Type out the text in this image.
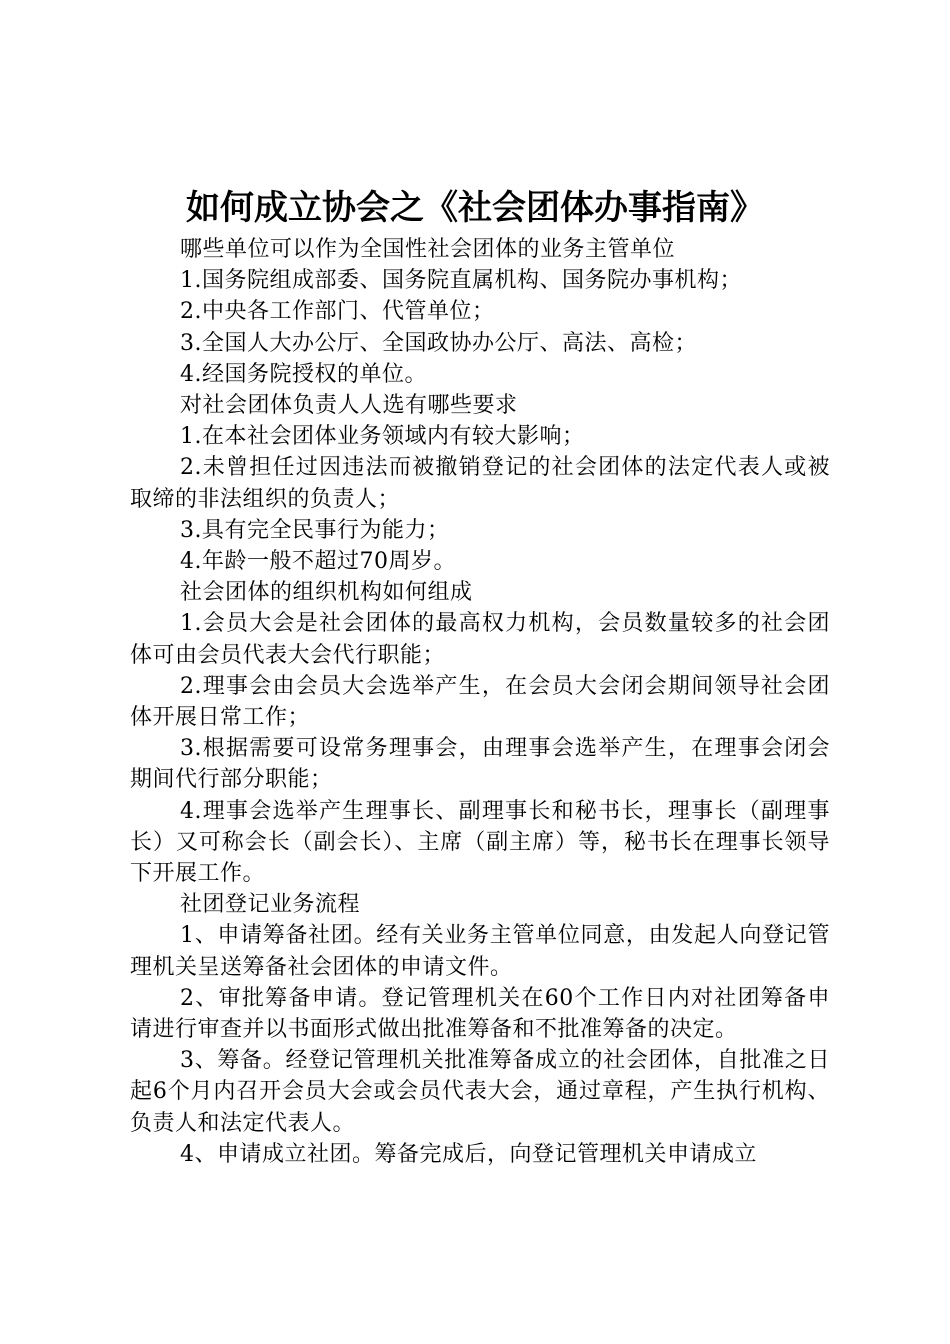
如何成立协会之《社会团体办事指南》

哪些单位可以作为全国性社会团体的业务主管单位

1.国务院组成部委、国务院直属机构、国务院办事机构；

2.中央各工作部门、代管单位；

3.全国人大办公厅、全国政协办公厅、高法、高检；

4.经国务院授权的单位。

对社会团体负责人人选有哪些要求

1.在本社会团体业务领域内有较大影响；

2.未曾担任过因违法而被撤销登记的社会团体的法定代表人或被取缔的非法组织的负责人；

3.具有完全民事行为能力；

4.年龄一般不超过70周岁。

社会团体的组织机构如何组成

1.会员大会是社会团体的最高权力机构，会员数量较多的社会团体可由会员代表大会代行职能；

2.理事会由会员大会选举产生，在会员大会闭会期间领导社会团体开展日常工作；

3.根据需要可设常务理事会，由理事会选举产生，在理事会闭会期间代行部分职能；

4.理事会选举产生理事长、副理事长和秘书长，理事长（副理事长）又可称会长（副会长）、主席（副主席）等，秘书长在理事长领导下开展工作。

社团登记业务流程

1、申请筹备社团。经有关业务主管单位同意，由发起人向登记管理机关呈送筹备社会团体的申请文件。

2、审批筹备申请。登记管理机关在60个工作日内对社团筹备申请进行审查并以书面形式做出批准筹备和不批准筹备的决定。

3、筹备。经登记管理机关批准筹备成立的社会团体，自批准之日起6个月内召开会员大会或会员代表大会，通过章程，产生执行机构、负责人和法定代表人。

4、申请成立社团。筹备完成后，向登记管理机关申请成立
